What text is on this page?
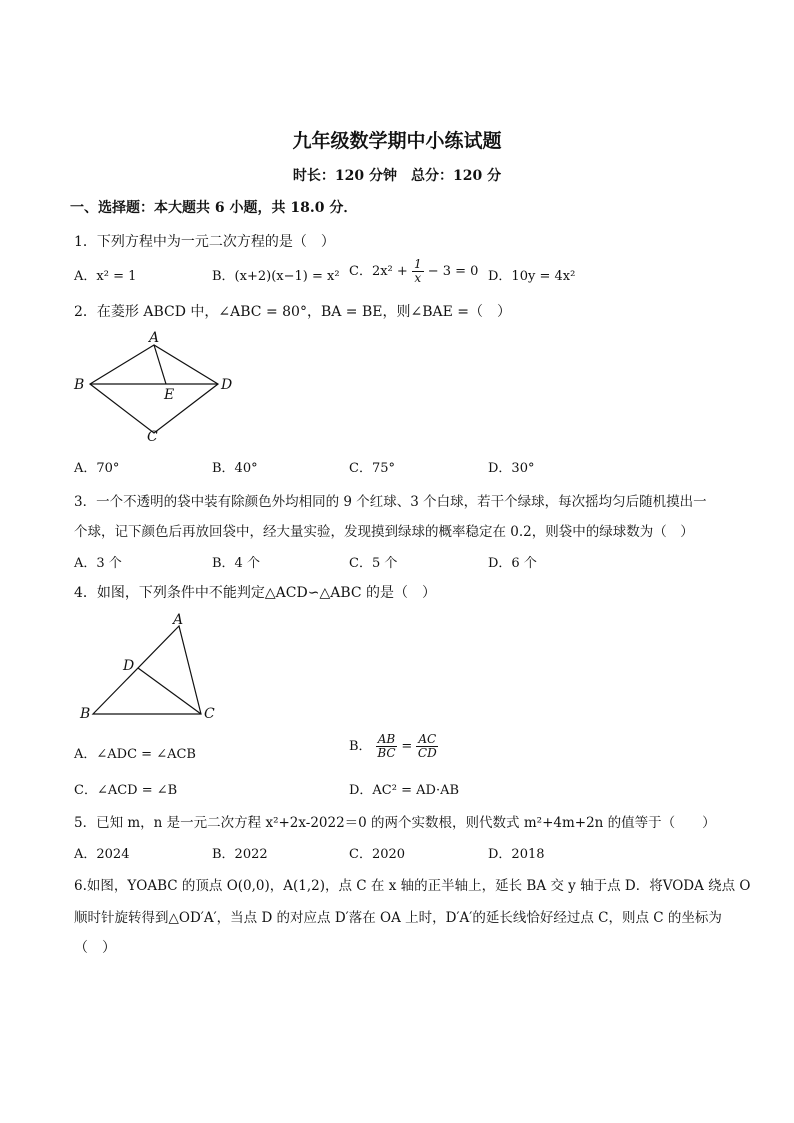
九年级数学期中小练试题
时长：120 分钟　总分：120 分
一、选择题：本大题共 6 小题，共 18.0 分．
1．下列方程中为一元二次方程的是（　）
A．x² = 1	B．(x+2)(x−1) = x² C．$2x^2 + \frac{1}{x} - 3 = 0$ D．10y = 4x²
2．在菱形 ABCD 中，∠ABC = 80°，BA = BE，则∠BAE =（　）
A
B
C
D
E
A．70°	B．40°	C．75°	D．30°
3．一个不透明的袋中装有除颜色外均相同的 9 个红球、3 个白球，若干个绿球，每次摇均匀后随机摸出一
个球，记下颜色后再放回袋中，经大量实验，发现摸到绿球的概率稳定在 0.2，则袋中的绿球数为（　）
A．3 个	B．4 个	C．5 个	D．6 个
4．如图，下列条件中不能判定△ACD∽△ABC 的是（　）
A
B	C
D
A．∠ADC = ∠ACB
B． $\frac{AB}{BC} = \frac{AC}{CD}$
C．∠ACD = ∠B	D．AC² = AD·AB
5．已知 m，n 是一元二次方程 x²+2x-2022＝0 的两个实数根，则代数式 m²+4m+2n 的值等于（　　）
A．2024	B．2022	C．2020	D．2018
6.如图，YOABC 的顶点 O(0,0)，A(1,2)，点 C 在 x 轴的正半轴上，延长 BA 交 y 轴于点 D．将VODA 绕点 O
顺时针旋转得到△OD′A′，当点 D 的对应点 D′落在 OA 上时，D′A′的延长线恰好经过点 C，则点 C 的坐标为
（　）
